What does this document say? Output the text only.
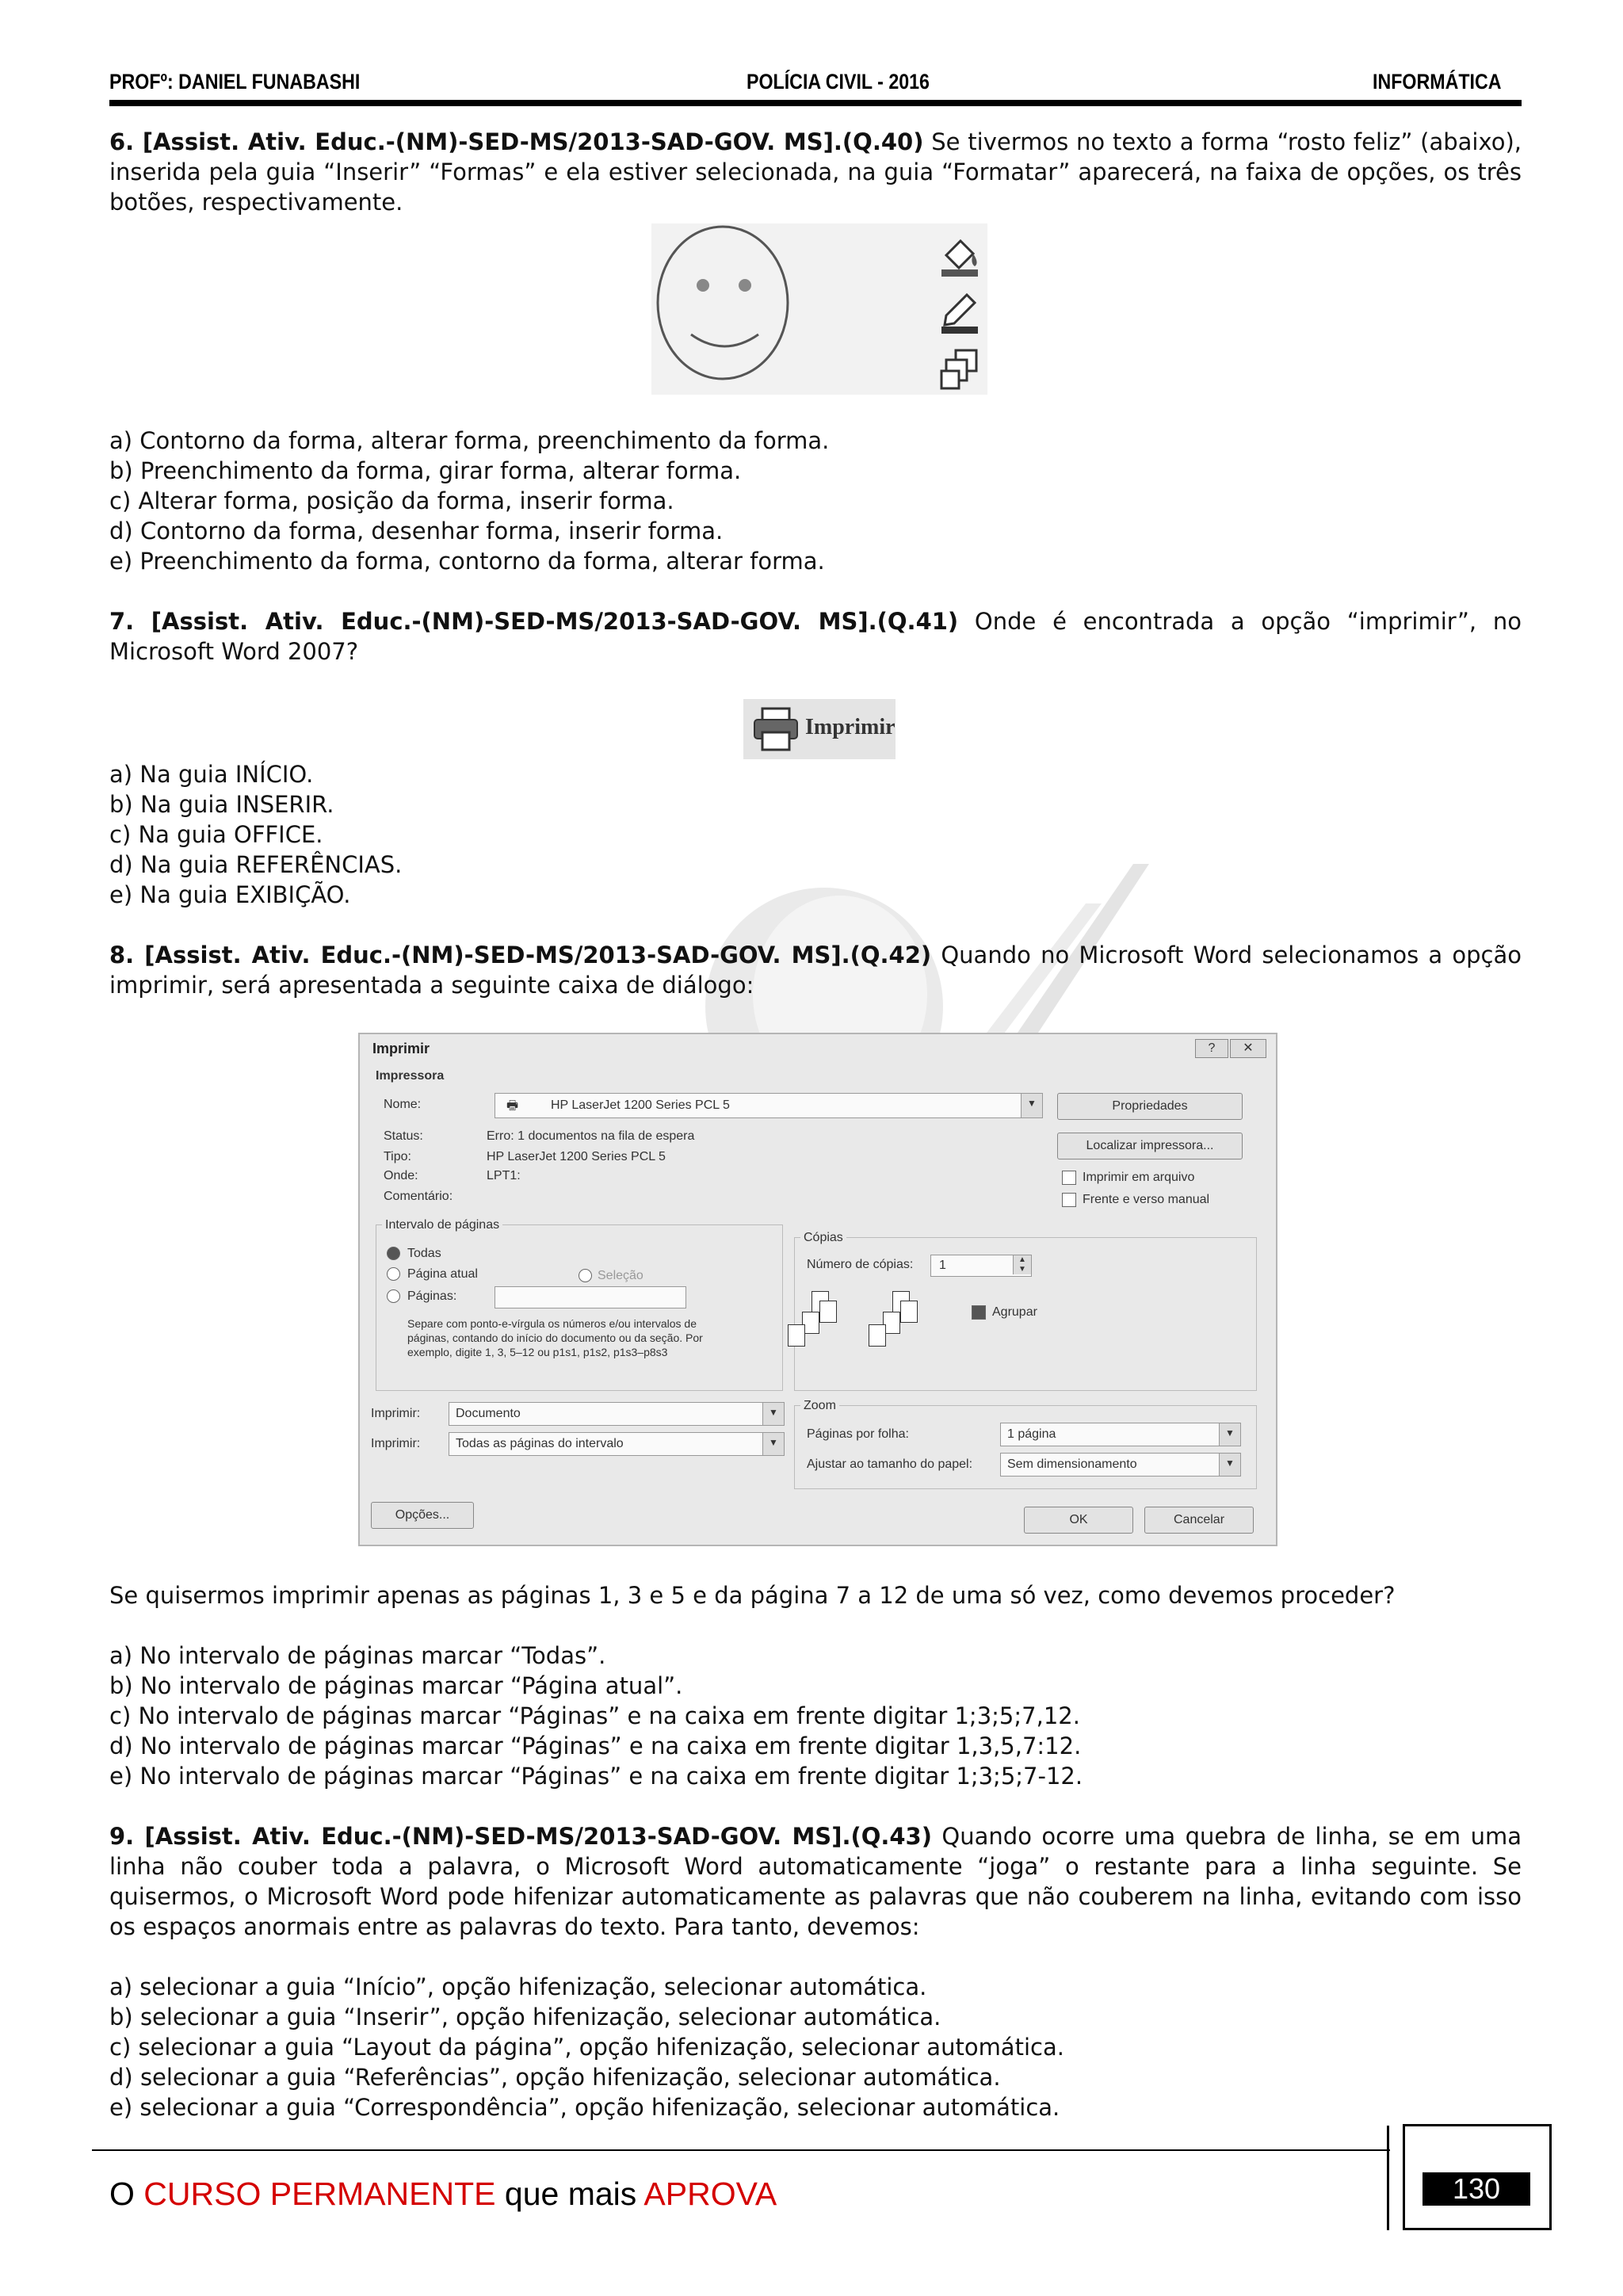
PROFº: DANIEL FUNABASHI	POLÍCIA CIVIL - 2016	INFORMÁTICA
6. [Assist. Ativ. Educ.-(NM)-SED-MS/2013-SAD-GOV. MS].(Q.40) Se tivermos no texto a forma “rosto feliz” (abaixo), inserida pela guia “Inserir” “Formas” e ela estiver selecionada, na guia “Formatar” aparecerá, na faixa de opções, os três botões, respectivamente.
a) Contorno da forma, alterar forma, preenchimento da forma.
b) Preenchimento da forma, girar forma, alterar forma.
c) Alterar forma, posição da forma, inserir forma.
d) Contorno da forma, desenhar forma, inserir forma.
e) Preenchimento da forma, contorno da forma, alterar forma.
7. [Assist. Ativ. Educ.-(NM)-SED-MS/2013-SAD-GOV. MS].(Q.41) Onde é encontrada a opção “imprimir”, no Microsoft Word 2007?
Imprimir
a) Na guia INÍCIO.
b) Na guia INSERIR.
c) Na guia OFFICE.
d) Na guia REFERÊNCIAS.
e) Na guia EXIBIÇÃO.
8. [Assist. Ativ. Educ.-(NM)-SED-MS/2013-SAD-GOV. MS].(Q.42) Quando no Microsoft Word selecionamos a opção imprimir, será apresentada a seguinte caixa de diálogo:
Imprimir	?	✕
Impressora
Nome:	🖶	HP LaserJet 1200 Series PCL 5
▼	Propriedades
Status:	Erro: 1 documentos na fila de espera
Tipo:	HP LaserJet 1200 Series PCL 5
Onde:	LPT1:
Comentário:
Localizar impressora...
Imprimir em arquivo
Frente e verso manual
Intervalo de páginas
Todas
Página atual	Seleção
Páginas:
Separe com ponto-e-vírgula os números e/ou intervalos de páginas, contando do início do documento ou da seção. Por exemplo, digite 1, 3, 5–12 ou p1s1, p1s2, p1s3–p8s3
Cópias
Número de cópias: 1	▲
▼
Agrupar
Imprimir:	Documento
▼
Imprimir:	Todas as páginas do intervalo
▼
Zoom
Páginas por folha:	1 página
▼
Ajustar ao tamanho do papel:	Sem dimensionamento
▼
Opções...	OK	Cancelar
Se quisermos imprimir apenas as páginas 1, 3 e 5 e da página 7 a 12 de uma só vez, como devemos proceder?
a) No intervalo de páginas marcar “Todas”.
b) No intervalo de páginas marcar “Página atual”.
c) No intervalo de páginas marcar “Páginas” e na caixa em frente digitar 1;3;5;7,12.
d) No intervalo de páginas marcar “Páginas” e na caixa em frente digitar 1,3,5,7:12.
e) No intervalo de páginas marcar “Páginas” e na caixa em frente digitar 1;3;5;7-12.
9. [Assist. Ativ. Educ.-(NM)-SED-MS/2013-SAD-GOV. MS].(Q.43) Quando ocorre uma quebra de linha, se em uma linha não couber toda a palavra, o Microsoft Word automaticamente “joga” o restante para a linha seguinte. Se quisermos, o Microsoft Word pode hifenizar automaticamente as palavras que não couberem na linha, evitando com isso os espaços anormais entre as palavras do texto. Para tanto, devemos:
a) selecionar a guia “Início”, opção hifenização, selecionar automática.
b) selecionar a guia “Inserir”, opção hifenização, selecionar automática.
c) selecionar a guia “Layout da página”, opção hifenização, selecionar automática.
d) selecionar a guia “Referências”, opção hifenização, selecionar automática.
e) selecionar a guia “Correspondência”, opção hifenização, selecionar automática.
130
O CURSO PERMANENTE que mais APROVA
